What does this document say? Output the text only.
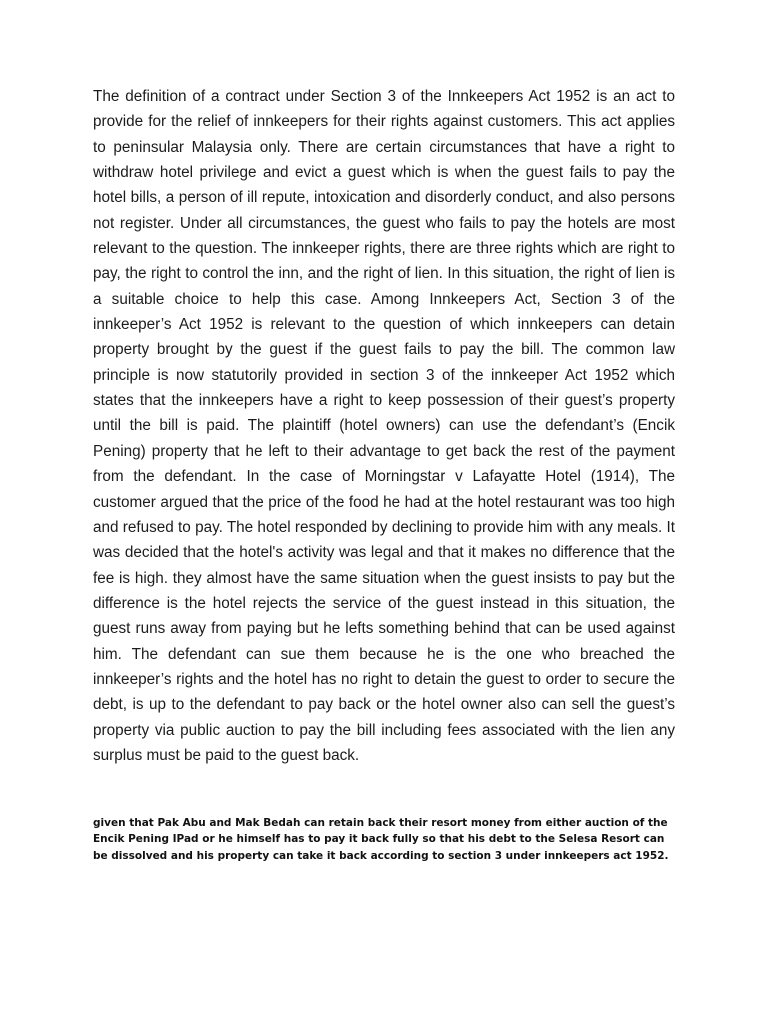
The definition of a contract under Section 3 of the Innkeepers Act 1952 is an act to provide for the relief of innkeepers for their rights against customers. This act applies to peninsular Malaysia only. There are certain circumstances that have a right to withdraw hotel privilege and evict a guest which is when the guest fails to pay the hotel bills, a person of ill repute, intoxication and disorderly conduct, and also persons not register. Under all circumstances, the guest who fails to pay the hotels are most relevant to the question. The innkeeper rights, there are three rights which are right to pay, the right to control the inn, and the right of lien. In this situation, the right of lien is a suitable choice to help this case. Among Innkeepers Act, Section 3 of the innkeeper’s Act 1952 is relevant to the question of which innkeepers can detain property brought by the guest if the guest fails to pay the bill. The common law principle is now statutorily provided in section 3 of the innkeeper Act 1952 which states that the innkeepers have a right to keep possession of their guest’s property until the bill is paid. The plaintiff (hotel owners) can use the defendant’s (Encik Pening) property that he left to their advantage to get back the rest of the payment from the defendant. In the case of Morningstar v Lafayatte Hotel (1914), The customer argued that the price of the food he had at the hotel restaurant was too high and refused to pay. The hotel responded by declining to provide him with any meals. It was decided that the hotel's activity was legal and that it makes no difference that the fee is high. they almost have the same situation when the guest insists to pay but the difference is the hotel rejects the service of the guest instead in this situation, the guest runs away from paying but he lefts something behind that can be used against him. The defendant can sue them because he is the one who breached the innkeeper’s rights and the hotel has no right to detain the guest to order to secure the debt, is up to the defendant to pay back or the hotel owner also can sell the guest’s property via public auction to pay the bill including fees associated with the lien any surplus must be paid to the guest back.

given that Pak Abu and Mak Bedah can retain back their resort money from either auction of the Encik Pening IPad or he himself has to pay it back fully so that his debt to the Selesa Resort can be dissolved and his property can take it back according to section 3 under innkeepers act 1952.
